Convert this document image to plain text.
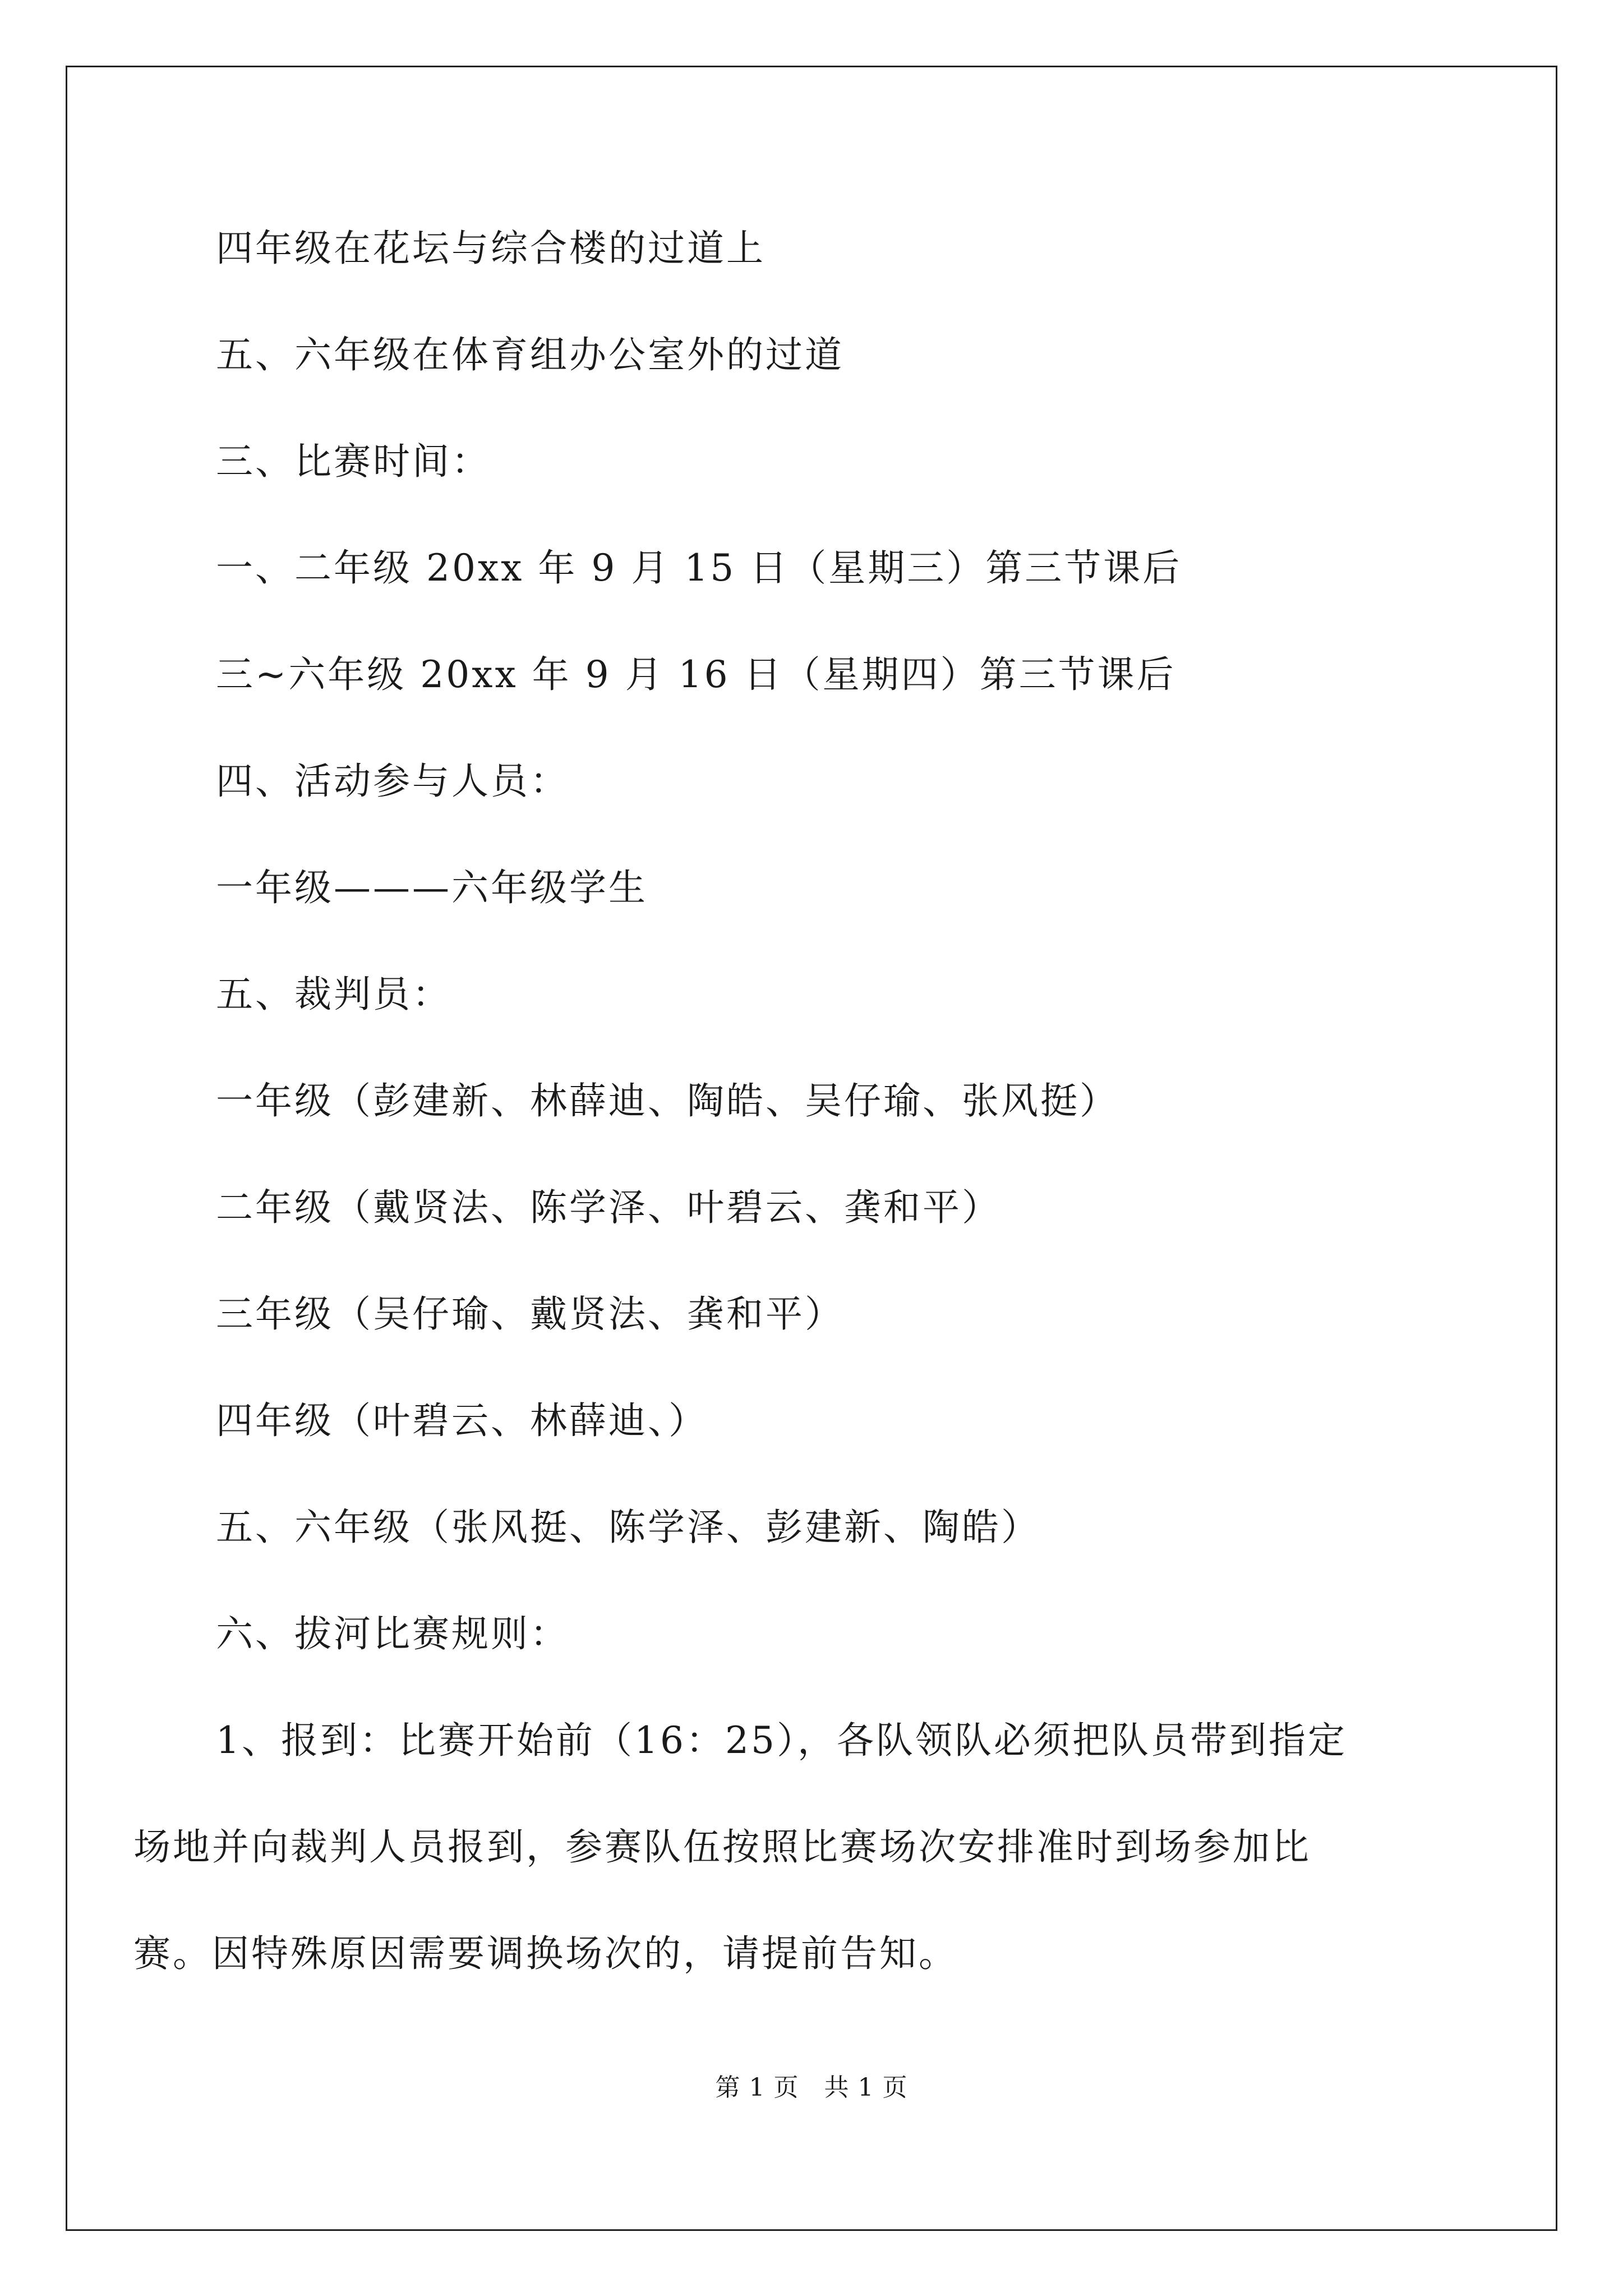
四年级在花坛与综合楼的过道上
五、六年级在体育组办公室外的过道
三、比赛时间：
一、二年级 20xx 年 9 月 15 日（星期三）第三节课后
三~六年级 20xx 年 9 月 16 日（星期四）第三节课后
四、活动参与人员：
一年级———六年级学生
五、裁判员：
一年级（彭建新、林薛迪、陶皓、吴仔瑜、张风挺）
二年级（戴贤法、陈学泽、叶碧云、龚和平）
三年级（吴仔瑜、戴贤法、龚和平）
四年级（叶碧云、林薛迪、）
五、六年级（张风挺、陈学泽、彭建新、陶皓）
六、拔河比赛规则：
1、报到：比赛开始前（16：25），各队领队必须把队员带到指定
场地并向裁判人员报到，参赛队伍按照比赛场次安排准时到场参加比
赛。因特殊原因需要调换场次的，请提前告知。
第 1 页　共 1 页
